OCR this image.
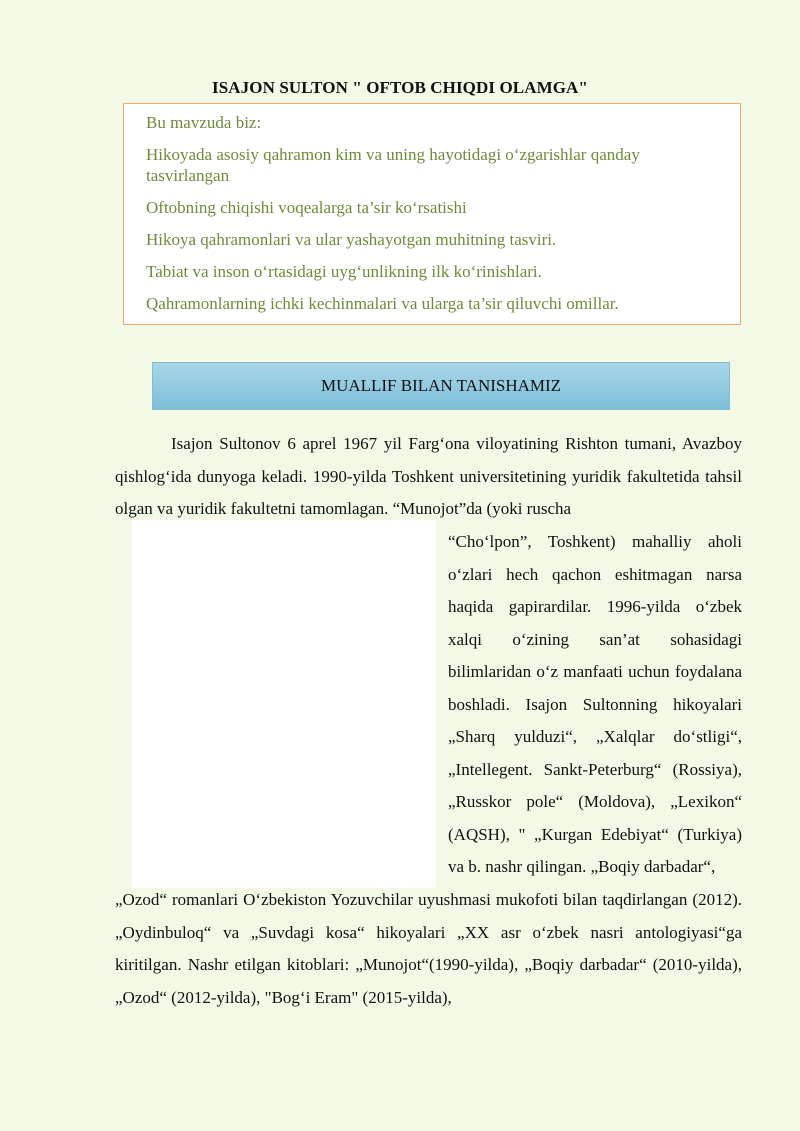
ISAJON SULTON " OFTOB CHIQDI OLAMGA"

Bu mavzuda biz:

Hikoyada asosiy qahramon kim va uning hayotidagi o‘zgarishlar qanday tasvirlangan

Oftobning chiqishi voqealarga ta’sir ko‘rsatishi

Hikoya qahramonlari va ular yashayotgan muhitning tasviri.

Tabiat va inson o‘rtasidagi uyg‘unlikning ilk ko‘rinishlari.

Qahramonlarning ichki kechinmalari va ularga ta’sir qiluvchi omillar.

MUALLIF BILAN TANISHAMIZ
Isajon Sultonov 6 aprel 1967 yil Farg‘ona viloyatining Rishton tumani, Avazboy qishlog‘ida dunyoga keladi. 1990-yilda Toshkent universitetining yuridik fakultetida tahsil olgan va yuridik fakultetni tamomlagan. “Munojot”da (yoki ruscha
“Cho‘lpon”, Toshkent) mahalliy aholi o‘zlari hech qachon eshitmagan narsa haqida gapirardilar. 1996-yilda o‘zbek xalqi o‘zining san’at sohasidagi bilimlaridan o‘z manfaati uchun foydalana boshladi. Isajon Sultonning hikoyalari „Sharq yulduzi“, „Xalqlar do‘stligi“, „Intellegent. Sankt-Peterburg“ (Rossiya), „Russkor pole“ (Moldova), „Lexikon“ (AQSH), " „Kurgan Edebiyat“ (Turkiya) va b. nashr qilingan. „Boqiy darbadar“,
„Ozod“ romanlari O‘zbekiston Yozuvchilar uyushmasi mukofoti bilan taqdirlangan (2012). „Oydinbuloq“ va „Suvdagi kosa“ hikoyalari „XX asr o‘zbek nasri antologiyasi“ga kiritilgan. Nashr etilgan kitoblari: „Munojot“(1990-yilda), „Boqiy darbadar“ (2010-yilda), „Ozod“ (2012-yilda), "Bog‘i Eram" (2015-yilda),
